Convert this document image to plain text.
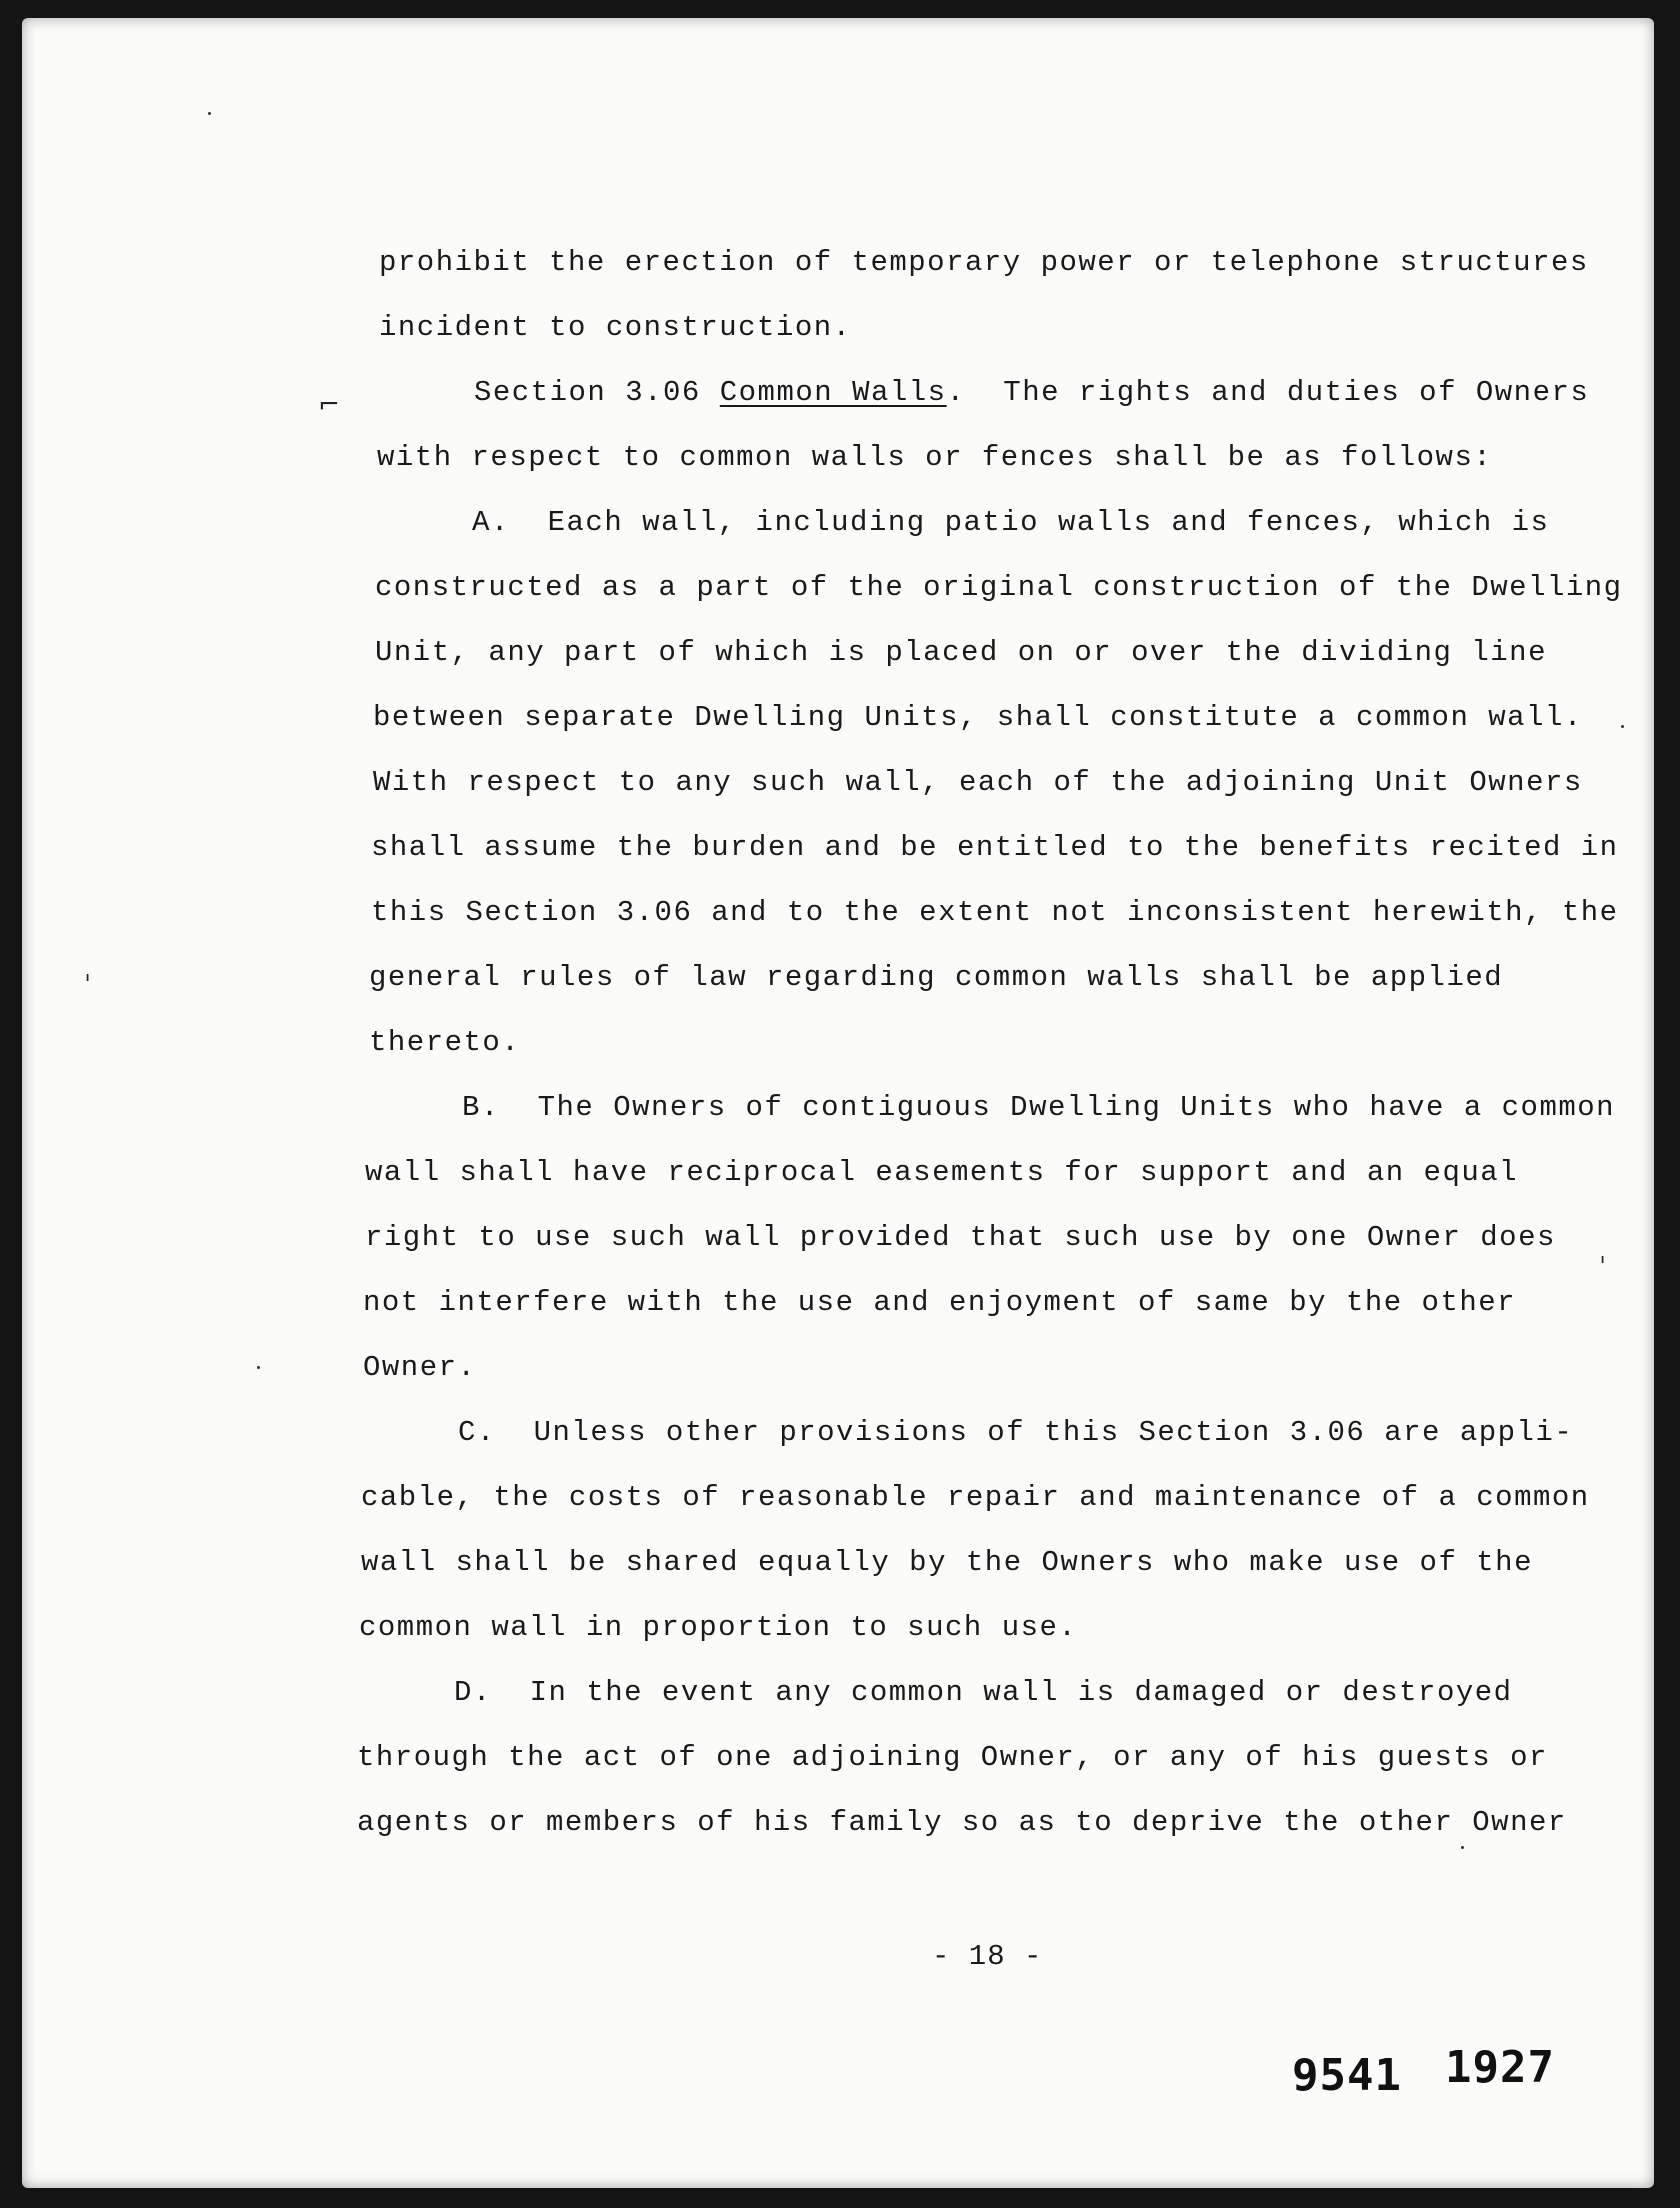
prohibit the erection of temporary power or telephone structures
incident to construction.
Section 3.06 Common Walls.  The rights and duties of Owners
with respect to common walls or fences shall be as follows:
A.  Each wall, including patio walls and fences, which is
constructed as a part of the original construction of the Dwelling
Unit, any part of which is placed on or over the dividing line
between separate Dwelling Units, shall constitute a common wall.
With respect to any such wall, each of the adjoining Unit Owners
shall assume the burden and be entitled to the benefits recited in
this Section 3.06 and to the extent not inconsistent herewith, the
general rules of law regarding common walls shall be applied
thereto.
B.  The Owners of contiguous Dwelling Units who have a common
wall shall have reciprocal easements for support and an equal
right to use such wall provided that such use by one Owner does
not interfere with the use and enjoyment of same by the other
Owner.
C.  Unless other provisions of this Section 3.06 are appli-
cable, the costs of reasonable repair and maintenance of a common
wall shall be shared equally by the Owners who make use of the
common wall in proportion to such use.
D.  In the event any common wall is damaged or destroyed
through the act of one adjoining Owner, or any of his guests or
agents or members of his family so as to deprive the other Owner
- 18 -
9541 1927
⌐
ˌ
ˌ
